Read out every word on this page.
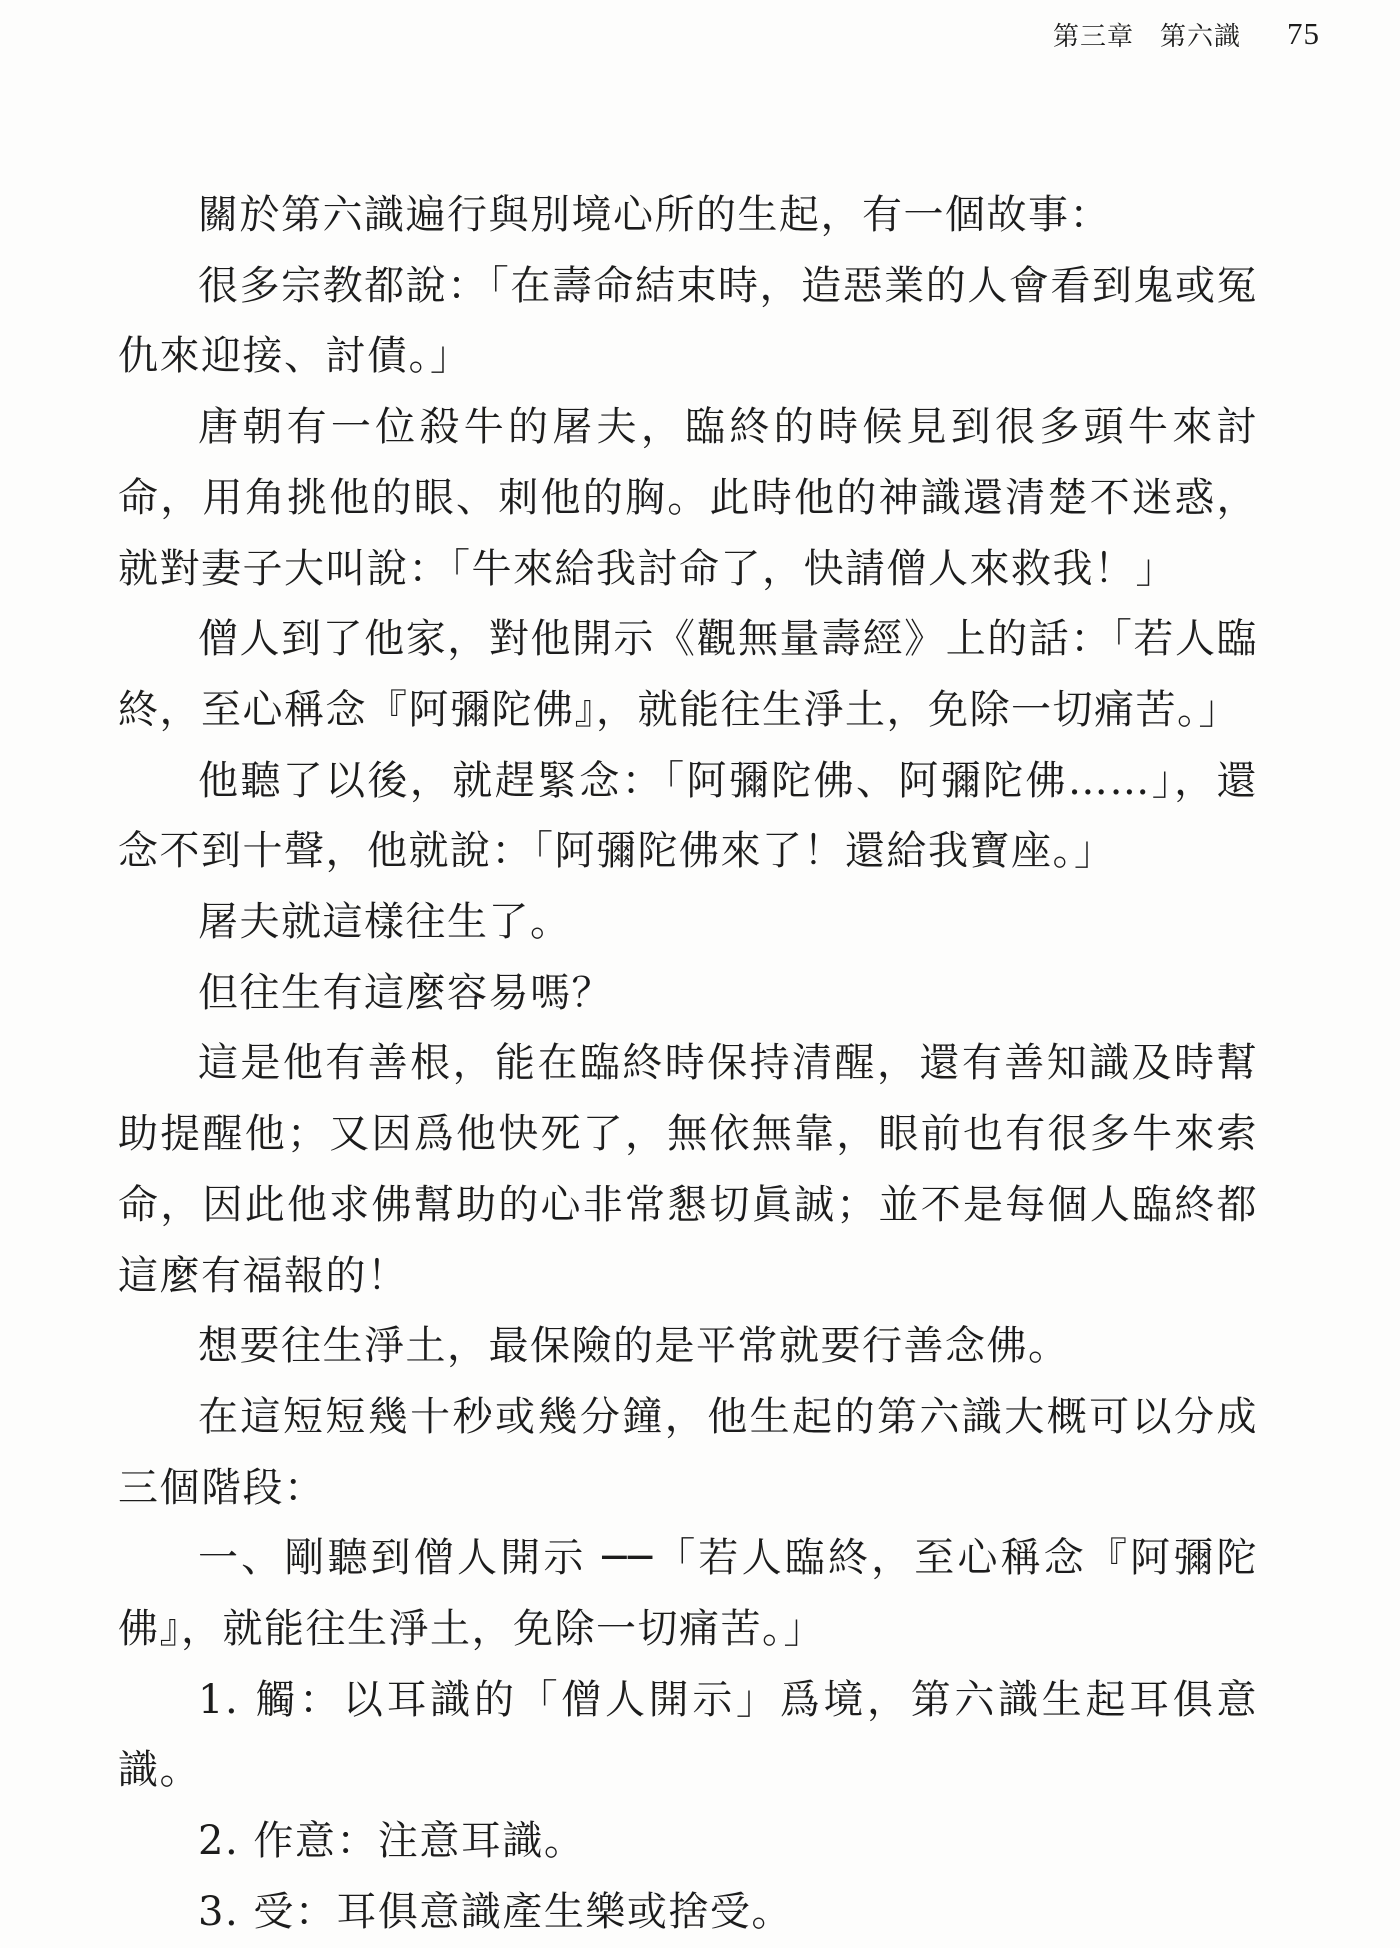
第三章 第六識 75

關於第六識遍行與別境心所的生起，有一個故事：

很多宗教都說：「在壽命結束時，造惡業的人會看到鬼或冤仇來迎接、討債。」

唐朝有一位殺牛的屠夫，臨終的時候見到很多頭牛來討命，用角挑他的眼、刺他的胸。此時他的神識還清楚不迷惑，就對妻子大叫說：「牛來給我討命了，快請僧人來救我！」

僧人到了他家，對他開示《觀無量壽經》上的話：「若人臨終，至心稱念『阿彌陀佛』，就能往生淨土，免除一切痛苦。」

他聽了以後，就趕緊念：「阿彌陀佛、阿彌陀佛……」，還念不到十聲，他就說：「阿彌陀佛來了！還給我寶座。」

屠夫就這樣往生了。

但往生有這麼容易嗎？

這是他有善根，能在臨終時保持清醒，還有善知識及時幫助提醒他；又因爲他快死了，無依無靠，眼前也有很多牛來索命，因此他求佛幫助的心非常懇切眞誠；並不是每個人臨終都這麼有福報的！

想要往生淨土，最保險的是平常就要行善念佛。

在這短短幾十秒或幾分鐘，他生起的第六識大概可以分成三個階段：

一、剛聽到僧人開示 ──「若人臨終，至心稱念『阿彌陀佛』，就能往生淨土，免除一切痛苦。」

1. 觸：以耳識的「僧人開示」爲境，第六識生起耳俱意識。

2. 作意：注意耳識。

3. 受：耳俱意識產生樂或捨受。
